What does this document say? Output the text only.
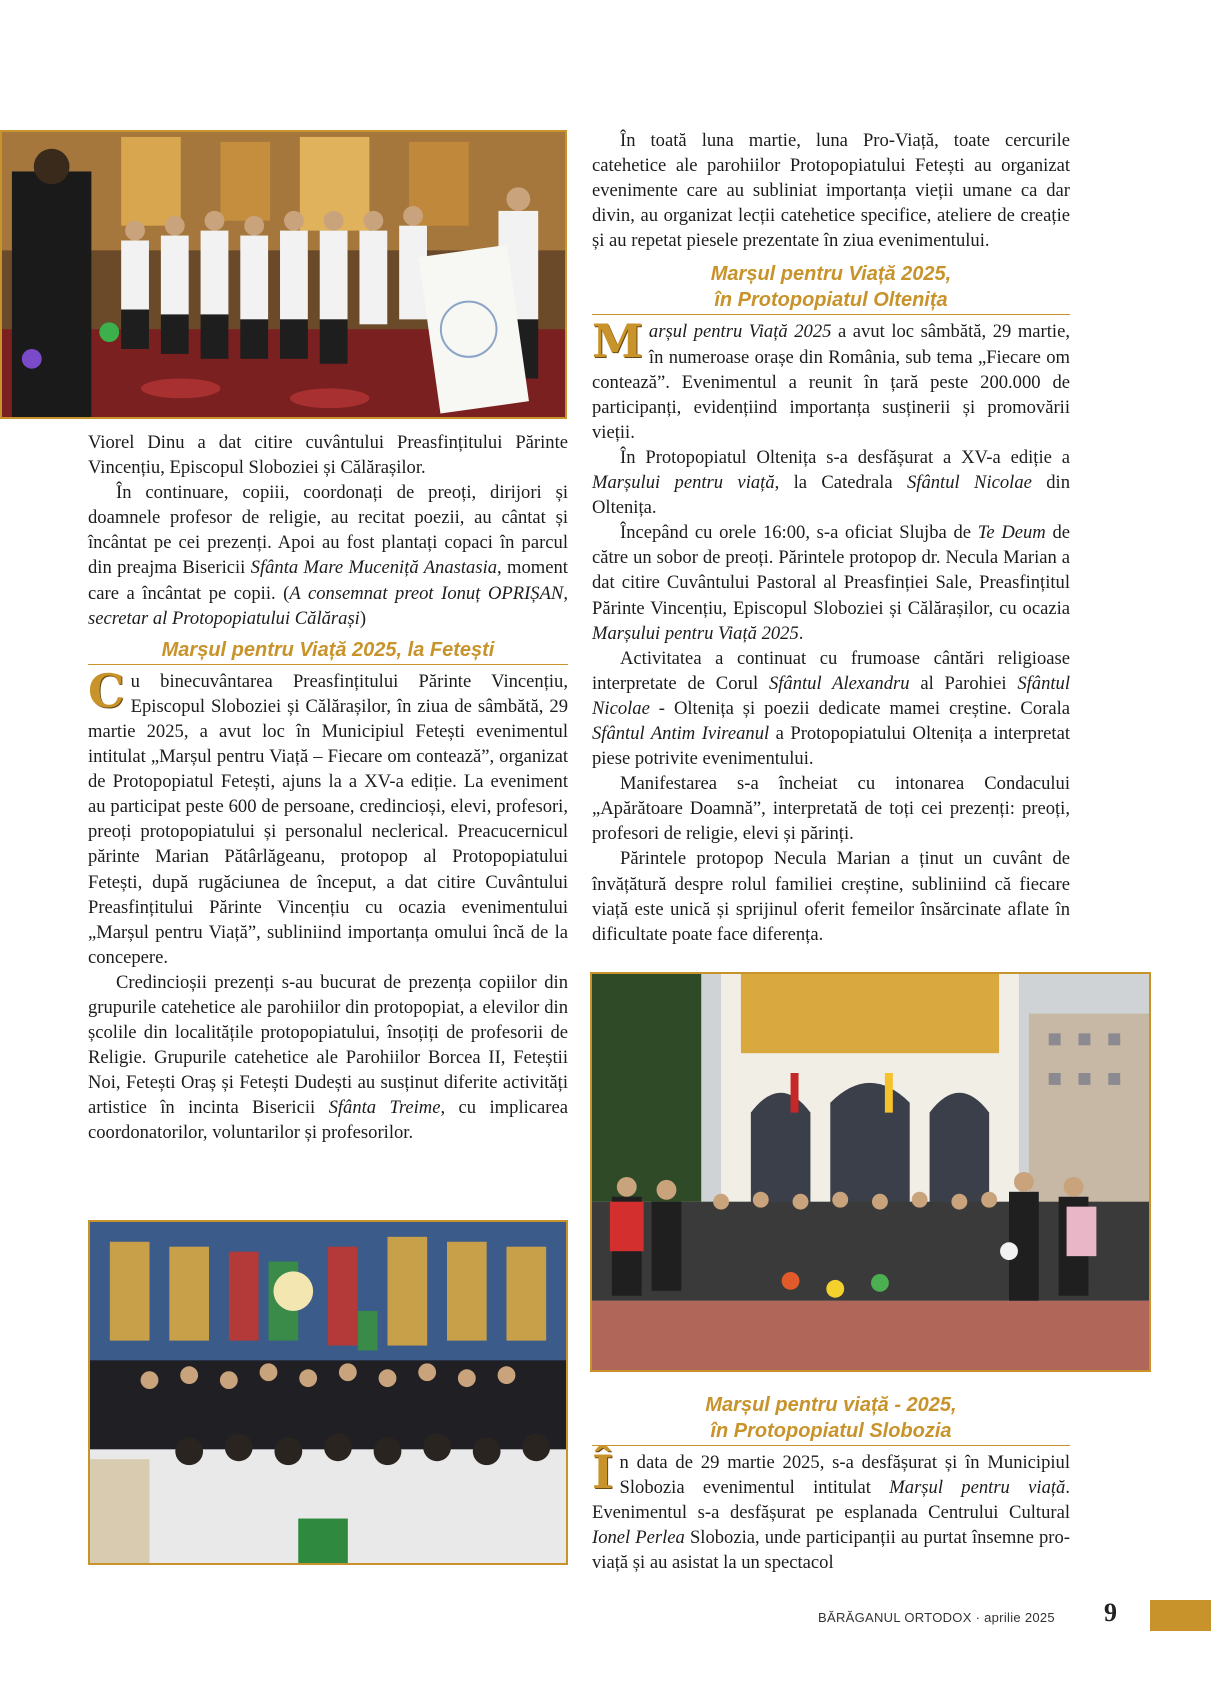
Viorel Dinu a dat citire cuvântului Preasfințitului Părinte Vincențiu, Episcopul Sloboziei și Călărașilor.

În continuare, copiii, coordonați de preoți, dirijori și doamnele profesor de religie, au recitat poezii, au cântat și încântat pe cei prezenți. Apoi au fost plantați copaci în parcul din preajma Bisericii Sfânta Mare Muceniță Anastasia, moment care a încântat pe copii. (A consemnat preot Ionuț OPRIȘAN, secretar al Protopopiatului Călărași)

Marșul pentru Viață 2025, la Fetești

Cu binecuvântarea Preasfințitului Părinte Vincențiu, Episcopul Sloboziei și Călărașilor, în ziua de sâmbătă, 29 martie 2025, a avut loc în Municipiul Fetești evenimentul intitulat „Marșul pentru Viață – Fiecare om contează”, organizat de Protopopiatul Fetești, ajuns la a XV-a ediție. La eveniment au participat peste 600 de persoane, credincioși, elevi, profesori, preoți protopopiatului și personalul neclerical. Preacucernicul părinte Marian Pătârlăgeanu, protopop al Protopopiatului Fetești, după rugăciunea de început, a dat citire Cuvântului Preasfințitului Părinte Vincențiu cu ocazia evenimentului „Marșul pentru Viață”, subliniind importanța omului încă de la concepere.

Credincioșii prezenți s-au bucurat de prezența copiilor din grupurile catehetice ale parohiilor din protopopiat, a elevilor din școlile din localitățile protopopiatului, însoțiți de profesorii de Religie. Grupurile catehetice ale Parohiilor Borcea II, Feteștii Noi, Fetești Oraș și Fetești Dudești au susținut diferite activități artistice în incinta Bisericii Sfânta Treime, cu implicarea coordonatorilor, voluntarilor și profesorilor.

În toată luna martie, luna Pro-Viață, toate cercurile catehetice ale parohiilor Protopopiatului Fetești au organizat evenimente care au subliniat importanța vieții umane ca dar divin, au organizat lecții catehetice specifice, ateliere de creație și au repetat piesele prezentate în ziua evenimentului.

Marșul pentru Viață 2025,
în Protopopiatul Oltenița

Marșul pentru Viață 2025 a avut loc sâmbătă, 29 martie, în numeroase orașe din România, sub tema „Fiecare om contează”. Evenimentul a reunit în țară peste 200.000 de participanți, evidențiind importanța susținerii și promovării vieții.

În Protopopiatul Oltenița s-a desfășurat a XV-a ediție a Marșului pentru viață, la Catedrala Sfântul Nicolae din Oltenița.

Începând cu orele 16:00, s-a oficiat Slujba de Te Deum de către un sobor de preoți. Părintele protopop dr. Necula Marian a dat citire Cuvântului Pastoral al Preasfinției Sale, Preasfințitul Părinte Vincențiu, Episcopul Sloboziei și Călărașilor, cu ocazia Marșului pentru Viață 2025.

Activitatea a continuat cu frumoase cântări religioase interpretate de Corul Sfântul Alexandru al Parohiei Sfântul Nicolae - Oltenița și poezii dedicate mamei creștine. Corala Sfântul Antim Ivireanul a Protopopiatului Oltenița a interpretat piese potrivite evenimentului.

Manifestarea s-a încheiat cu intonarea Condacului „Apărătoare Doamnă”, interpretată de toți cei prezenți: preoți, profesori de religie, elevi și părinți.

Părintele protopop Necula Marian a ținut un cuvânt de învățătură despre rolul familiei creștine, subliniind că fiecare viață este unică și sprijinul oferit femeilor însărcinate aflate în dificultate poate face diferența.

Marșul pentru viață - 2025,
în Protopopiatul Slobozia

În data de 29 martie 2025, s-a desfășurat și în Municipiul Slobozia evenimentul intitulat Marșul pentru viață. Evenimentul s-a desfășurat pe esplanada Centrului Cultural Ionel Perlea Slobozia, unde participanții au purtat însemne pro-viață și au asistat la un spectacol

BĂRĂGANUL ORTODOX · aprilie 2025 9
